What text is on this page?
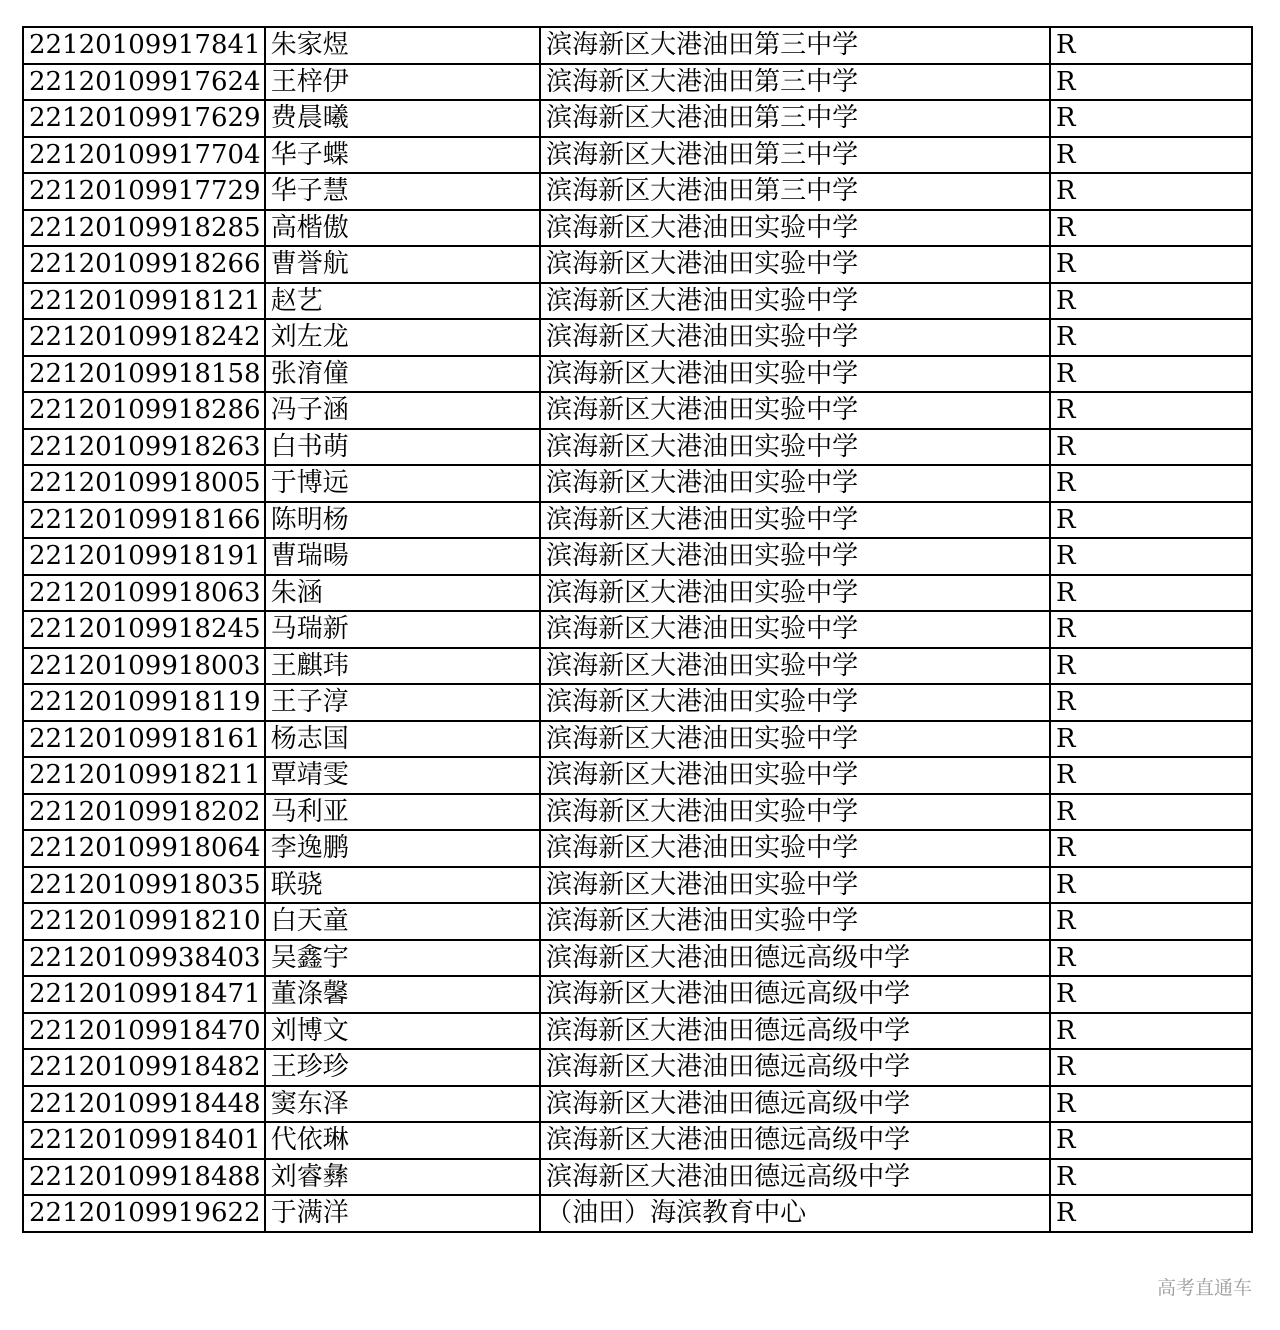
22120109917841	朱家煜	滨海新区大港油田第三中学	R
22120109917624	王梓伊	滨海新区大港油田第三中学	R
22120109917629	费晨曦	滨海新区大港油田第三中学	R
22120109917704	华子蝶	滨海新区大港油田第三中学	R
22120109917729	华子慧	滨海新区大港油田第三中学	R
22120109918285	高楷傲	滨海新区大港油田实验中学	R
22120109918266	曹誉航	滨海新区大港油田实验中学	R
22120109918121	赵艺	滨海新区大港油田实验中学	R
22120109918242	刘左龙	滨海新区大港油田实验中学	R
22120109918158	张淯僮	滨海新区大港油田实验中学	R
22120109918286	冯子涵	滨海新区大港油田实验中学	R
22120109918263	白书萌	滨海新区大港油田实验中学	R
22120109918005	于博远	滨海新区大港油田实验中学	R
22120109918166	陈明杨	滨海新区大港油田实验中学	R
22120109918191	曹瑞暘	滨海新区大港油田实验中学	R
22120109918063	朱涵	滨海新区大港油田实验中学	R
22120109918245	马瑞新	滨海新区大港油田实验中学	R
22120109918003	王麒玮	滨海新区大港油田实验中学	R
22120109918119	王子淳	滨海新区大港油田实验中学	R
22120109918161	杨志国	滨海新区大港油田实验中学	R
22120109918211	覃靖雯	滨海新区大港油田实验中学	R
22120109918202	马利亚	滨海新区大港油田实验中学	R
22120109918064	李逸鹏	滨海新区大港油田实验中学	R
22120109918035	联骁	滨海新区大港油田实验中学	R
22120109918210	白天童	滨海新区大港油田实验中学	R
22120109938403	吴鑫宇	滨海新区大港油田德远高级中学	R
22120109918471	董涤馨	滨海新区大港油田德远高级中学	R
22120109918470	刘博文	滨海新区大港油田德远高级中学	R
22120109918482	王珍珍	滨海新区大港油田德远高级中学	R
22120109918448	窦东泽	滨海新区大港油田德远高级中学	R
22120109918401	代依琳	滨海新区大港油田德远高级中学	R
22120109918488	刘睿彝	滨海新区大港油田德远高级中学	R
22120109919622	于满洋	（油田）海滨教育中心	R
高考直通车
